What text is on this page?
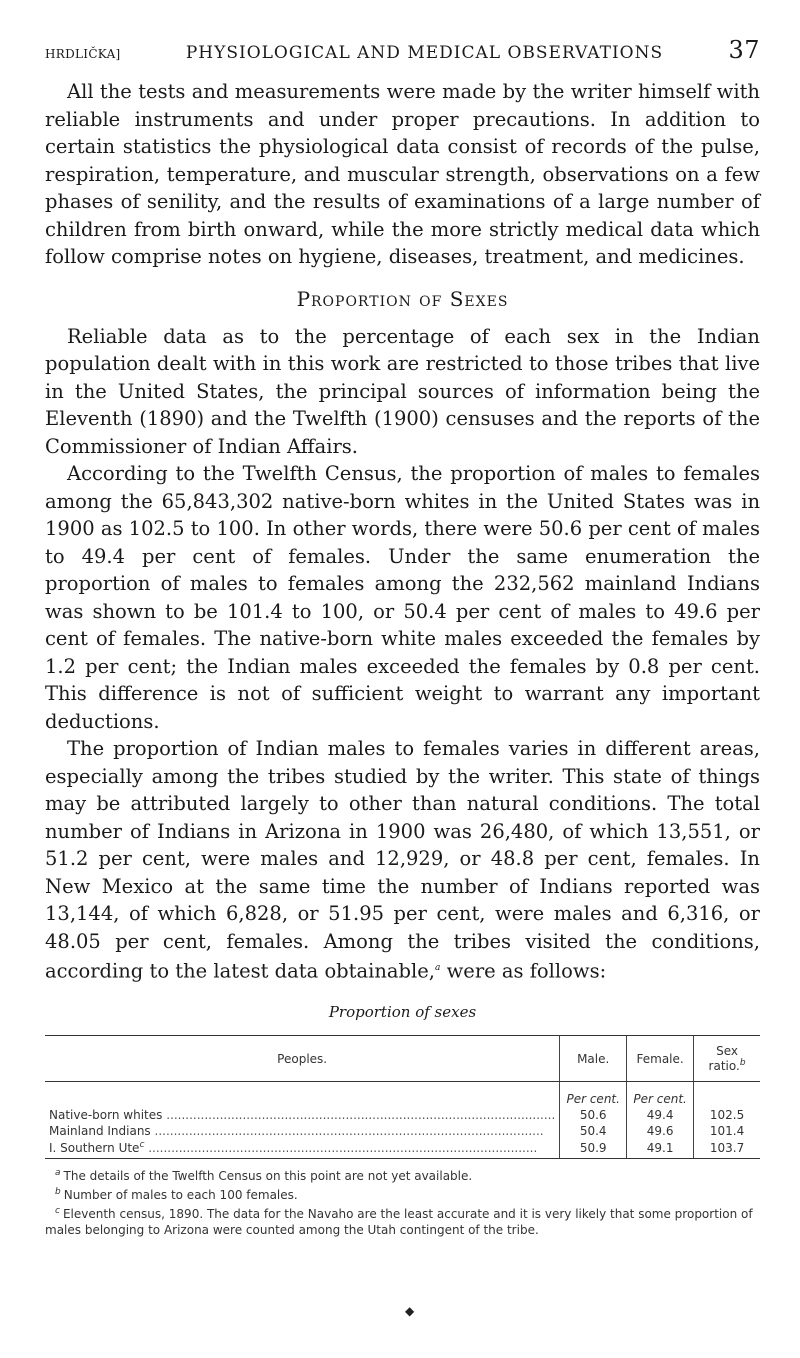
HRDLIČKA]	PHYSIOLOGICAL AND MEDICAL OBSERVATIONS	37

All the tests and measurements were made by the writer himself with reliable instruments and under proper precautions. In addition to certain statistics the physiological data consist of records of the pulse, respiration, temperature, and muscular strength, observations on a few phases of senility, and the results of examinations of a large number of children from birth onward, while the more strictly medical data which follow comprise notes on hygiene, diseases, treatment, and medicines.

Proportion of Sexes

Reliable data as to the percentage of each sex in the Indian population dealt with in this work are restricted to those tribes that live in the United States, the principal sources of information being the Eleventh (1890) and the Twelfth (1900) censuses and the reports of the Commissioner of Indian Affairs.

According to the Twelfth Census, the proportion of males to females among the 65,843,302 native-born whites in the United States was in 1900 as 102.5 to 100. In other words, there were 50.6 per cent of males to 49.4 per cent of females. Under the same enumeration the proportion of males to females among the 232,562 mainland Indians was shown to be 101.4 to 100, or 50.4 per cent of males to 49.6 per cent of females. The native-born white males exceeded the females by 1.2 per cent; the Indian males exceeded the females by 0.8 per cent. This difference is not of sufficient weight to warrant any important deductions.

The proportion of Indian males to females varies in different areas, especially among the tribes studied by the writer. This state of things may be attributed largely to other than natural conditions. The total number of Indians in Arizona in 1900 was 26,480, of which 13,551, or 51.2 per cent, were males and 12,929, or 48.8 per cent, females. In New Mexico at the same time the number of Indians reported was 13,144, of which 6,828, or 51.95 per cent, were males and 6,316, or 48.05 per cent, females. Among the tribes visited the conditions, according to the latest data obtainable,$^a$ were as follows:

Proportion of sexes
Peoples.	Male.	Female.	Sex ratio.$^b$
	Per cent.	Per cent.	
Native-born whites .....	50.6	49.4	102.5
Mainland Indians .....	50.4	49.6	101.4
I. Southern Ute$^c$ .....	50.9	49.1	103.7

$^a$ The details of the Twelfth Census on this point are not yet available.

$^b$ Number of males to each 100 females.

$^c$ Eleventh census, 1890. The data for the Navaho are the least accurate and it is very likely that some proportion of males belonging to Arizona were counted among the Utah contingent of the tribe.

◆
